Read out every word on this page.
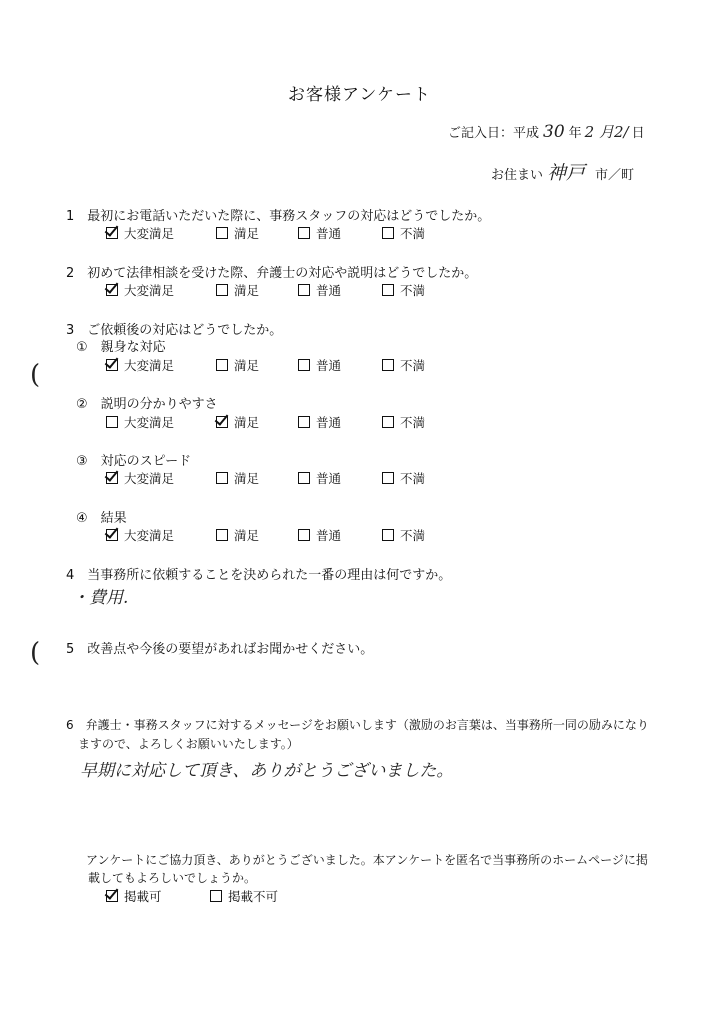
お客様アンケート
ご記入日：平成 30 年 2 月2/ 日
お住まい 神戸 市／町
1　最初にお電話いただいた際に、事務スタッフの対応はどうでしたか。
大変満足	満足	普通	不満
2　初めて法律相談を受けた際、弁護士の対応や説明はどうでしたか。
大変満足	満足	普通	不満
3　ご依頼後の対応はどうでしたか。
①　親身な対応
大変満足	満足	普通	不満
②　説明の分かりやすさ
大変満足	満足	普通	不満
③　対応のスピード
大変満足	満足	普通	不満
④　結果
大変満足	満足	普通	不満
4　当事務所に依頼することを決められた一番の理由は何ですか。
・費用.
5　改善点や今後の要望があればお聞かせください。
6　弁護士・事務スタッフに対するメッセージをお願いします（激励のお言葉は、当事務所一同の励みになり
ますので、よろしくお願いいたします。）
早期に対応して頂き、ありがとうございました。
アンケートにご協力頂き、ありがとうございました。本アンケートを匿名で当事務所のホームページに掲
載してもよろしいでしょうか。
掲載可	掲載不可
(
(
